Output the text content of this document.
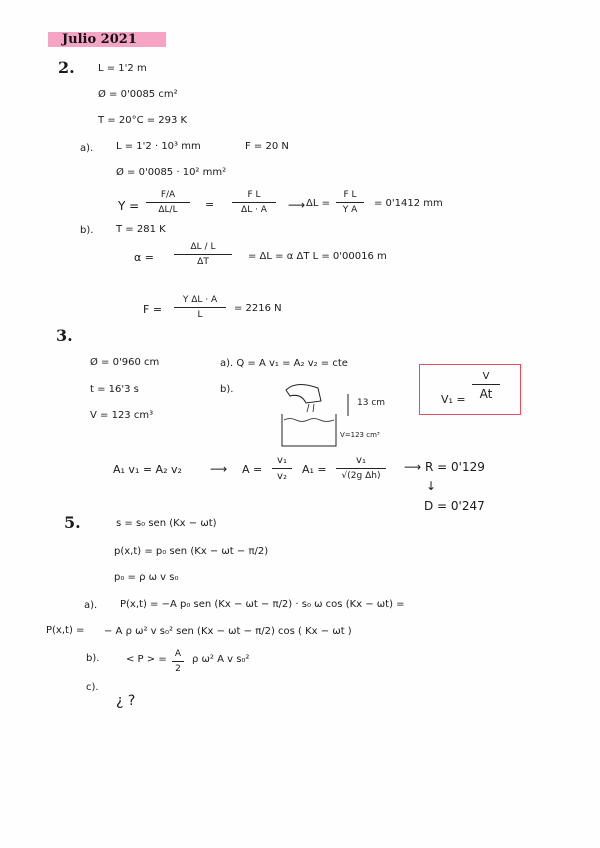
Julio 2021
2. L = 1'2 m
Ø = 0'0085 cm²
T = 20°C = 293 K
a). L = 1'2 · 10³ mm	F = 20 N
Ø = 0'0085 · 10² mm²
Y =
F/A
ΔL/L	=
F L
ΔL · A	⟶ ΔL =
F L
Y A
= 0'1412 mm
b). T = 281 K
α =
ΔL / L
ΔT	= ΔL = α ΔT L = 0'00016 m
F =
Y ΔL · A
L
= 2216 N
3.
Ø = 0'960 cm
t = 16'3 s
V = 123 cm³
a). Q = A v₁ = A₂ v₂ = cte
b).
13 cm
V=123 cm³
V₁ =
V
At
A₁ v₁ = A₂ v₂ ⟶ A =
v₁
v₂
A₁ =
v₁
√(2g Δh)
⟶ R = 0'129
↓
D = 0'247
5.	s = s₀ sen (Kx − ωt)
p(x,t) = p₀ sen (Kx − ωt − π/2)
p₀ = ρ ω v s₀
a). P(x,t) = −A p₀ sen (Kx − ωt − π/2) · s₀ ω cos (Kx − ωt) =
P(x,t) = − A ρ ω² v s₀² sen (Kx − ωt − π/2) cos ( Kx − ωt )
b).	< P > = A
2
ρ ω² A v s₀²
c).
¿ ?
